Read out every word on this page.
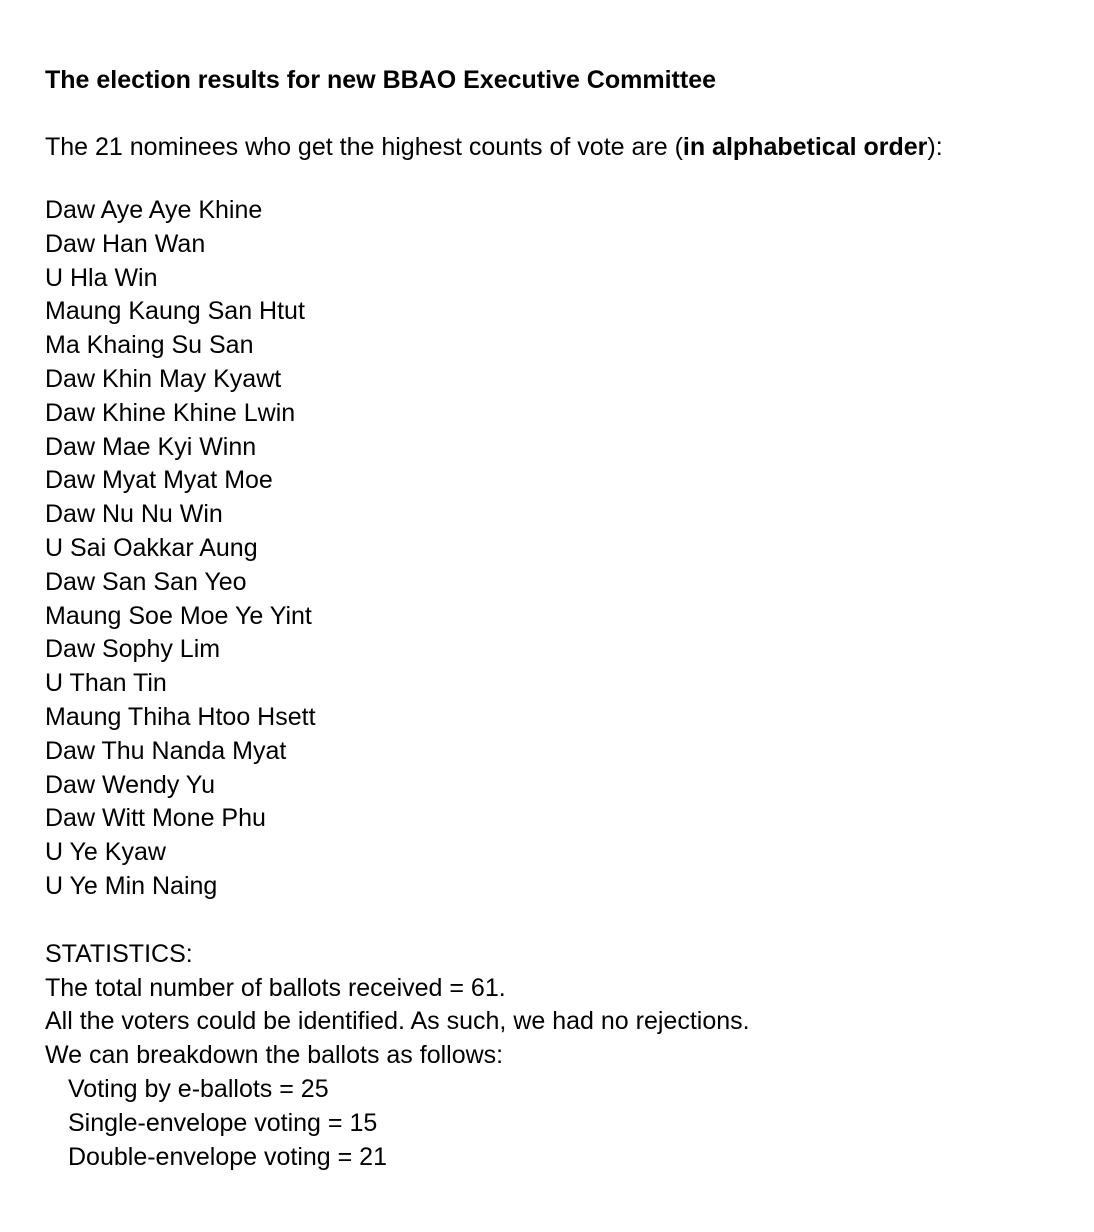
The election results for new BBAO Executive Committee
The 21 nominees who get the highest counts of vote are (in alphabetical order):
Daw Aye Aye Khine
Daw Han Wan
U Hla Win
Maung Kaung San Htut
Ma Khaing Su San
Daw Khin May Kyawt
Daw Khine Khine Lwin
Daw Mae Kyi Winn
Daw Myat Myat Moe
Daw Nu Nu Win
U Sai Oakkar Aung
Daw San San Yeo
Maung Soe Moe Ye Yint
Daw Sophy Lim
U Than Tin
Maung Thiha Htoo Hsett
Daw Thu Nanda Myat
Daw Wendy Yu
Daw Witt Mone Phu
U Ye Kyaw
U Ye Min Naing
STATISTICS:
The total number of ballots received = 61.
All the voters could be identified. As such, we had no rejections.
We can breakdown the ballots as follows:
Voting by e-ballots = 25
Single-envelope voting = 15
Double-envelope voting = 21
